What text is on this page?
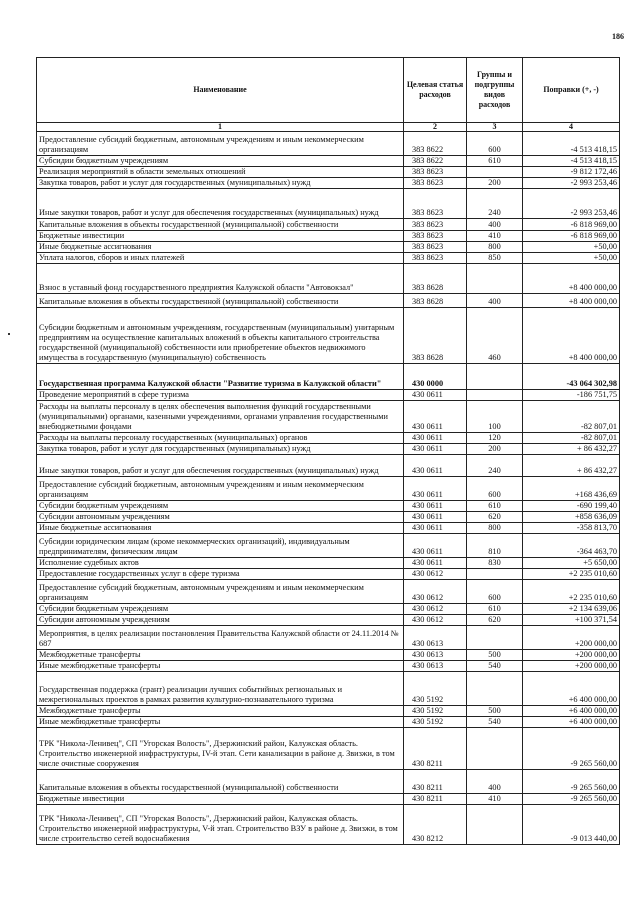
186
Наименование	Целевая статья расходов	Группы и подгруппы видов расходов	Поправки (+, -)
1	2	3	4
Предоставление субсидий бюджетным, автономным учреждениям и иным некоммерческим организациям	383 8622	600	-4 513 418,15
Субсидии бюджетным учреждениям	383 8622	610	-4 513 418,15
Реализация мероприятий в области земельных отношений	383 8623		-9 812 172,46
Закупка товаров, работ и услуг для государственных (муниципальных) нужд	383 8623	200	-2 993 253,46
Иные закупки товаров, работ и услуг для обеспечения государственных (муниципальных) нужд	383 8623	240	-2 993 253,46
Капитальные вложения в объекты государственной (муниципальной) собственности	383 8623	400	-6 818 969,00
Бюджетные инвестиции	383 8623	410	-6 818 969,00
Иные бюджетные ассигнования	383 8623	800	+50,00
Уплата налогов, сборов и иных платежей	383 8623	850	+50,00
Взнос в уставный фонд государственного предприятия Калужской области "Автовокзал"	383 8628		+8 400 000,00
Капитальные вложения в объекты государственной (муниципальной) собственности	383 8628	400	+8 400 000,00
Субсидии бюджетным и автономным учреждениям, государственным (муниципальным) унитарным предприятиям на осуществление капитальных вложений в объекты капитального строительства государственной (муниципальной) собственности или приобретение объектов недвижимого имущества в государственную (муниципальную) собственность	383 8628	460	+8 400 000,00
Государственная программа Калужской области "Развитие туризма в Калужской области"	430 0000		-43 064 302,98
Проведение мероприятий в сфере туризма	430 0611		-186 751,75
Расходы на выплаты персоналу в целях обеспечения выполнения функций государственными (муниципальными) органами, казенными учреждениями, органами управления государственными внебюджетными фондами	430 0611	100	-82 807,01
Расходы на выплаты персоналу государственных (муниципальных) органов	430 0611	120	-82 807,01
Закупка товаров, работ и услуг для государственных (муниципальных) нужд	430 0611	200	+ 86 432,27
Иные закупки товаров, работ и услуг для обеспечения государственных (муниципальных) нужд	430 0611	240	+ 86 432,27
Предоставление субсидий бюджетным, автономным учреждениям и иным некоммерческим организациям	430 0611	600	+168 436,69
Субсидии бюджетным учреждениям	430 0611	610	-690 199,40
Субсидии автономным учреждениям	430 0611	620	+858 636,09
Иные бюджетные ассигнования	430 0611	800	-358 813,70
Субсидии юридическим лицам (кроме некоммерческих организаций), индивидуальным предпринимателям, физическим лицам	430 0611	810	-364 463,70
Исполнение судебных актов	430 0611	830	+5 650,00
Предоставление государственных услуг в сфере туризма	430 0612		+2 235 010,60
Предоставление субсидий бюджетным, автономным учреждениям и иным некоммерческим организациям	430 0612	600	+2 235 010,60
Субсидии бюджетным учреждениям	430 0612	610	+2 134 639,06
Субсидии автономным учреждениям	430 0612	620	+100 371,54
Мероприятия, в целях реализации постановления Правительства Калужской области от 24.11.2014 № 687	430 0613		+200 000,00
Межбюджетные трансферты	430 0613	500	+200 000,00
Иные межбюджетные трансферты	430 0613	540	+200 000,00
Государственная поддержка (грант) реализации лучших событийных региональных и межрегиональных проектов в рамках развития культурно-познавательного туризма	430 5192		+6 400 000,00
Межбюджетные трансферты	430 5192	500	+6 400 000,00
Иные межбюджетные трансферты	430 5192	540	+6 400 000,00
ТРК "Никола-Ленивец", СП "Угорская Волость", Дзержинский район, Калужская область. Строительство инженерной инфраструктуры, IV-й этап. Сети канализации в районе д. Звизжи, в том числе очистные сооружения	430 8211		-9 265 560,00
Капитальные вложения в объекты государственной (муниципальной) собственности	430 8211	400	-9 265 560,00
Бюджетные инвестиции	430 8211	410	-9 265 560,00
ТРК "Никола-Ленивец", СП "Угорская Волость", Дзержинский район, Калужская область. Строительство инженерной инфраструктуры, V-й этап. Строительство ВЗУ в районе д. Звизжи, в том числе строительство сетей водоснабжения	430 8212		-9 013 440,00
